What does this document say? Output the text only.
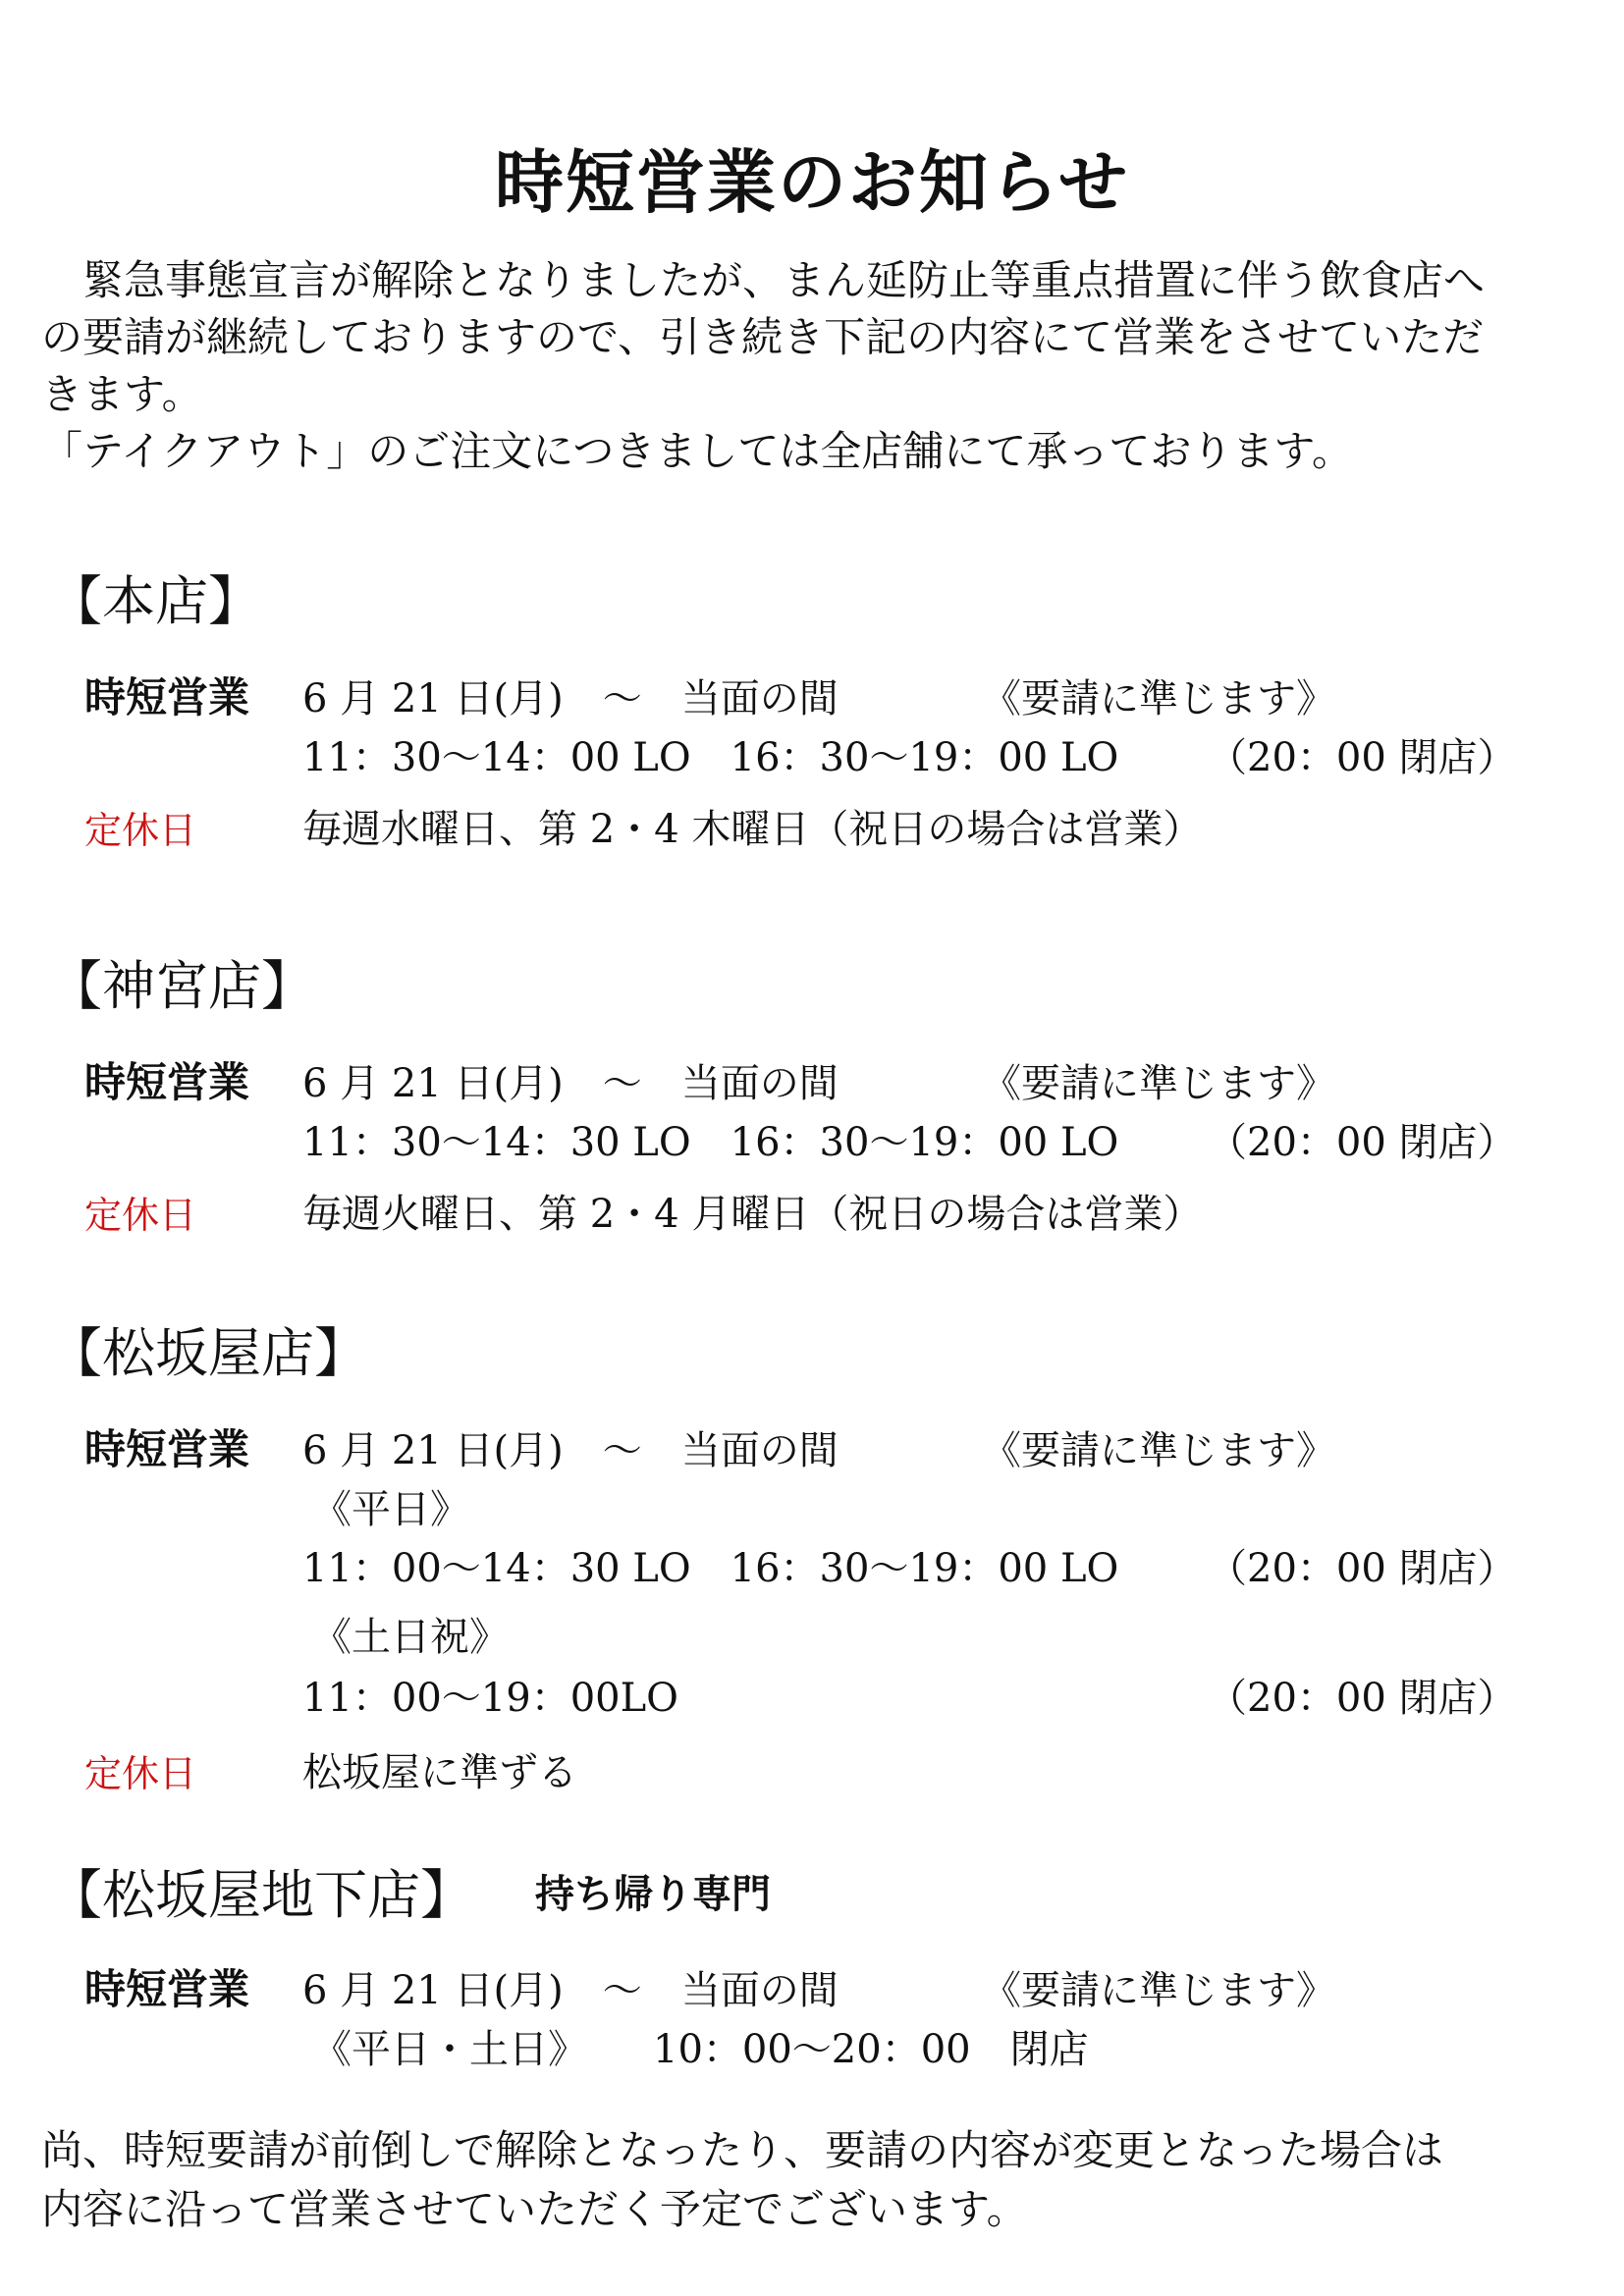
時短営業のお知らせ
　緊急事態宣言が解除となりましたが、まん延防止等重点措置に伴う飲食店へ
の要請が継続しておりますので、引き続き下記の内容にて営業をさせていただ
きます。
「テイクアウト」のご注文につきましては全店舗にて承っております。
【本店】
時短営業 6 月 21 日(月)　～　当面の間	《要請に準じます》
11：30～14：00 LO　16：30～19：00 LO （20：00 閉店）
定休日	毎週水曜日、第 2・4 木曜日（祝日の場合は営業）
【神宮店】
時短営業 6 月 21 日(月)　～　当面の間	《要請に準じます》
11：30～14：30 LO　16：30～19：00 LO （20：00 閉店）
定休日	毎週火曜日、第 2・4 月曜日（祝日の場合は営業）
【松坂屋店】
時短営業 6 月 21 日(月)　～　当面の間	《要請に準じます》
《平日》
11：00～14：30 LO　16：30～19：00 LO （20：00 閉店）
《土日祝》
11：00～19：00LO	（20：00 閉店）
定休日	松坂屋に準ずる
【松坂屋地下店】 持ち帰り専門
時短営業 6 月 21 日(月)　～　当面の間	《要請に準じます》
《平日・土日》 10：00～20：00　閉店
尚、時短要請が前倒しで解除となったり、要請の内容が変更となった場合は
内容に沿って営業させていただく予定でございます。
